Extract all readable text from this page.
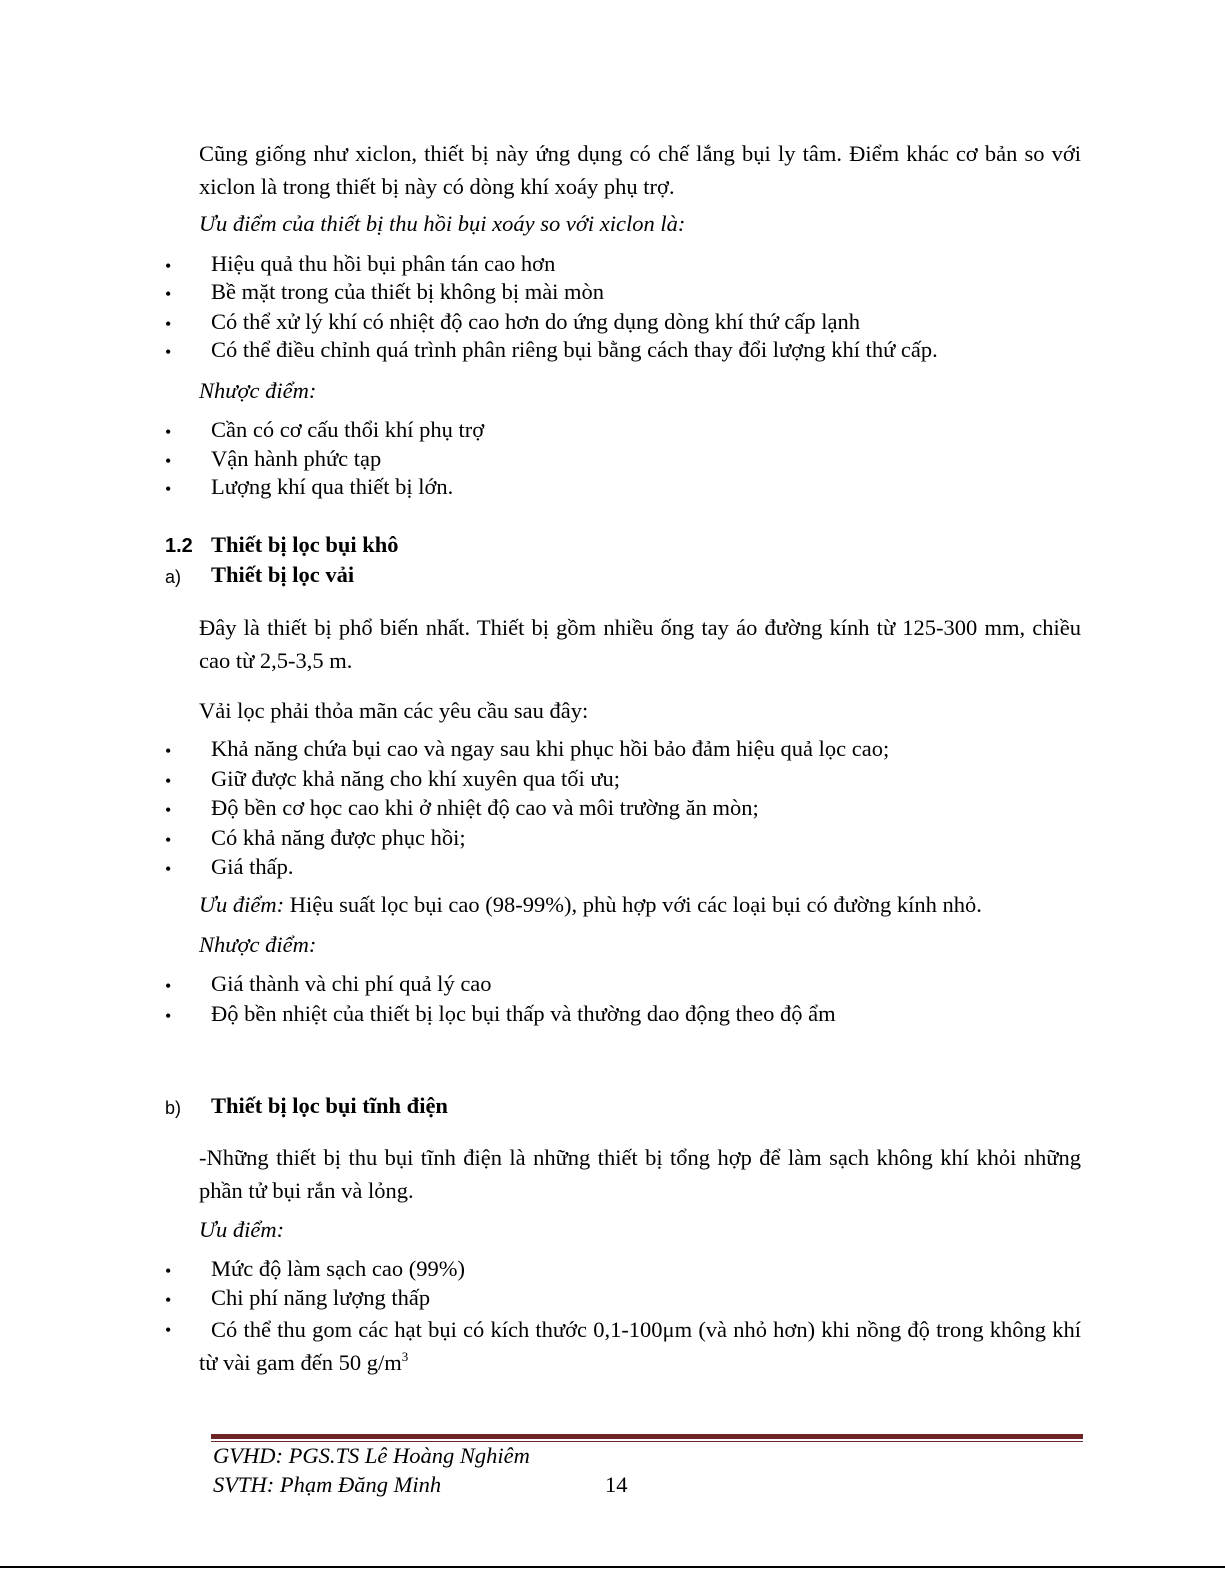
Cũng giống như xiclon, thiết bị này ứng dụng có chế lắng bụi ly tâm. Điểm khác cơ bản so với xiclon là trong thiết bị này có dòng khí xoáy phụ trợ.
Ưu điểm của thiết bị thu hồi bụi xoáy so với xiclon là:
• Hiệu quả thu hồi bụi phân tán cao hơn
• Bề mặt trong của thiết bị không bị mài mòn
• Có thể xử lý khí có nhiệt độ cao hơn do ứng dụng dòng khí thứ cấp lạnh
• Có thể điều chỉnh quá trình phân riêng bụi bằng cách thay đổi lượng khí thứ cấp.
Nhược điểm:
• Cần có cơ cấu thổi khí phụ trợ
• Vận hành phức tạp
• Lượng khí qua thiết bị lớn.
1.2 Thiết bị lọc bụi khô
a) Thiết bị lọc vải
Đây là thiết bị phổ biến nhất. Thiết bị gồm nhiều ống tay áo đường kính từ 125-300 mm, chiều cao từ 2,5-3,5 m.
Vải lọc phải thỏa mãn các yêu cầu sau đây:
• Khả năng chứa bụi cao và ngay sau khi phục hồi bảo đảm hiệu quả lọc cao;
• Giữ được khả năng cho khí xuyên qua tối ưu;
• Độ bền cơ học cao khi ở nhiệt độ cao và môi trường ăn mòn;
• Có khả năng được phục hồi;
• Giá thấp.
Ưu điểm: Hiệu suất lọc bụi cao (98-99%), phù hợp với các loại bụi có đường kính nhỏ.
Nhược điểm:
• Giá thành và chi phí quả lý cao
• Độ bền nhiệt của thiết bị lọc bụi thấp và thường dao động theo độ ẩm
b) Thiết bị lọc bụi tĩnh điện
-Những thiết bị thu bụi tĩnh điện là những thiết bị tổng hợp để làm sạch không khí khỏi những phần tử bụi rắn và lỏng.
Ưu điểm:
• Mức độ làm sạch cao (99%)
• Chi phí năng lượng thấp
•	Có thể thu gom các hạt bụi có kích thước 0,1-100μm (và nhỏ hơn) khi nồng độ trong không khí từ vài gam đến 50 $g/m^3$
GVHD: PGS.TS Lê Hoàng Nghiêm
SVTH: Phạm Đăng Minh	14
